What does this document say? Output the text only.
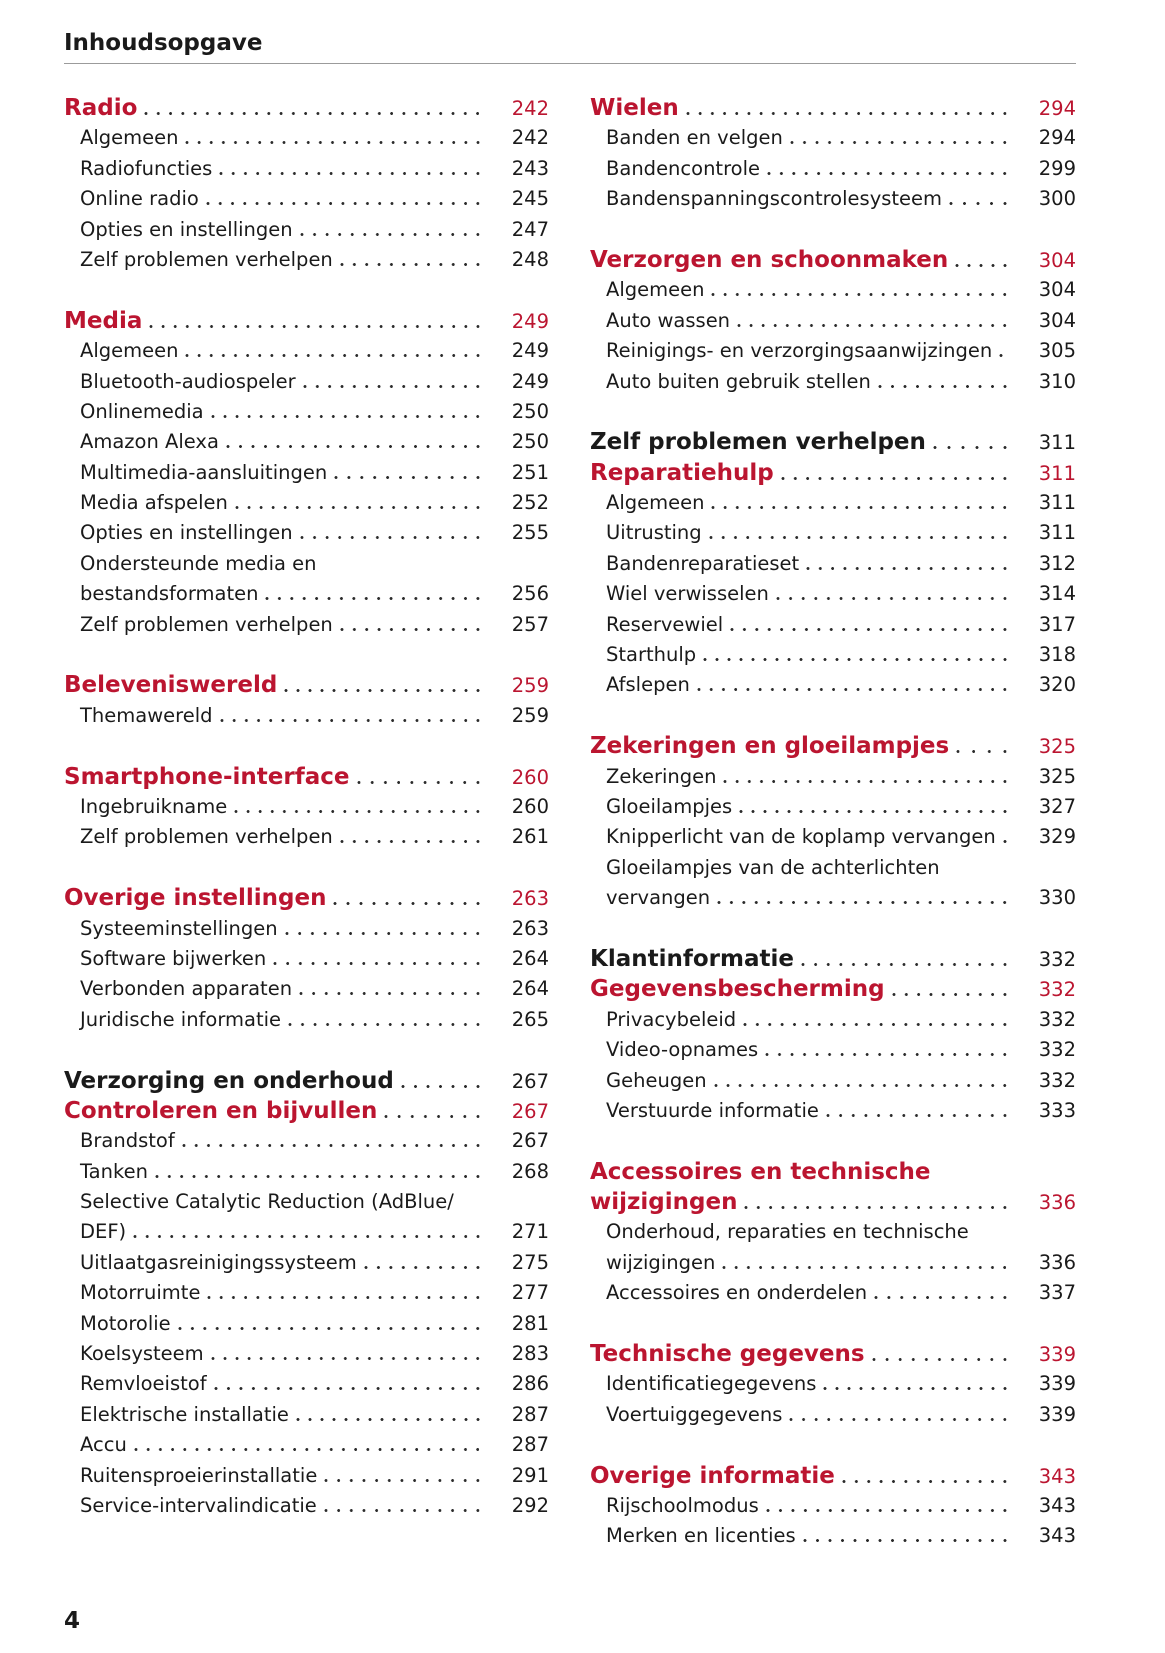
Inhoudsopgave
Radio	242
Algemeen	242
Radiofuncties	243
Online radio	245
Opties en instellingen	247
Zelf problemen verhelpen	248
Media	249
Algemeen	249
Bluetooth-audiospeler	249
Onlinemedia	250
Amazon Alexa	250
Multimedia-aansluitingen	251
Media afspelen	252
Opties en instellingen	255
Ondersteunde media en
bestandsformaten	256
Zelf problemen verhelpen	257
Beleveniswereld	259
Themawereld	259
Smartphone-interface	260
Ingebruikname	260
Zelf problemen verhelpen	261
Overige instellingen	263
Systeeminstellingen	263
Software bijwerken	264
Verbonden apparaten	264
Juridische informatie	265
Verzorging en onderhoud	267
Controleren en bijvullen	267
Brandstof	267
Tanken	268
Selective Catalytic Reduction (AdBlue/
DEF)	271
Uitlaatgasreinigingssysteem	275
Motorruimte	277
Motorolie	281
Koelsysteem	283
Remvloeistof	286
Elektrische installatie	287
Accu	287
Ruitensproeierinstallatie	291
Service-intervalindicatie	292
Wielen	294
Banden en velgen	294
Bandencontrole	299
Bandenspanningscontrolesysteem	300
Verzorgen en schoonmaken	304
Algemeen	304
Auto wassen	304
Reinigings- en verzorgingsaanwijzingen	305
Auto buiten gebruik stellen	310
Zelf problemen verhelpen	311
Reparatiehulp	311
Algemeen	311
Uitrusting	311
Bandenreparatieset	312
Wiel verwisselen	314
Reservewiel	317
Starthulp	318
Afslepen	320
Zekeringen en gloeilampjes	325
Zekeringen	325
Gloeilampjes	327
Knipperlicht van de koplamp vervangen	329
Gloeilampjes van de achterlichten
vervangen	330
Klantinformatie	332
Gegevensbescherming	332
Privacybeleid	332
Video-opnames	332
Geheugen	332
Verstuurde informatie	333
Accessoires en technische
wijzigingen	336
Onderhoud, reparaties en technische
wijzigingen	336
Accessoires en onderdelen	337
Technische gegevens	339
Identificatiegegevens	339
Voertuiggegevens	339
Overige informatie	343
Rijschoolmodus	343
Merken en licenties	343
4
